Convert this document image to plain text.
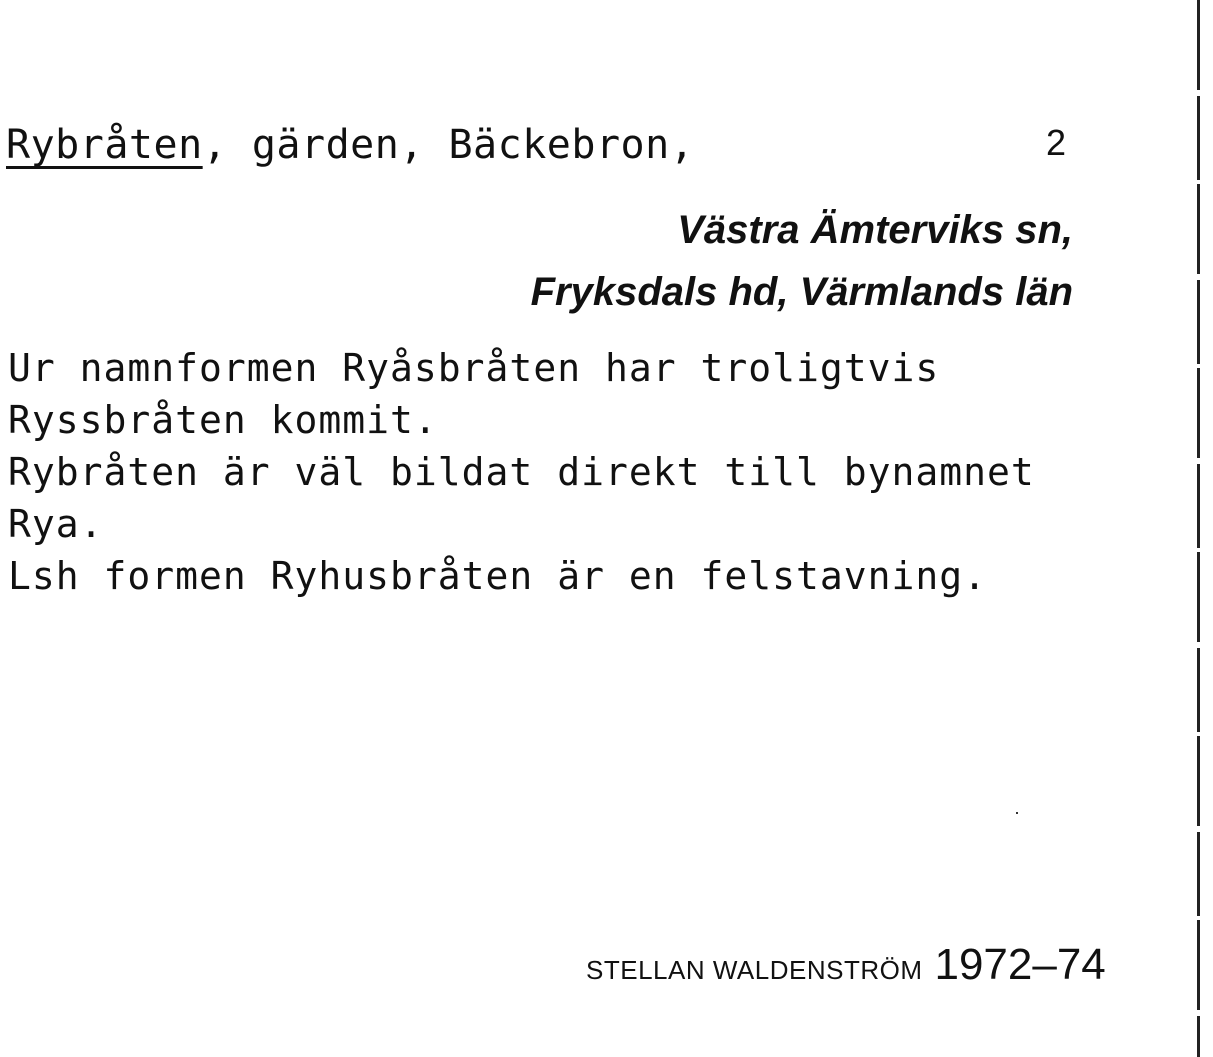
Rybråten, gärden, Bäckebron,	2
Västra Ämterviks sn,
Fryksdals hd, Värmlands län
Ur namnformen Ryåsbråten har troligtvis
Ryssbråten kommit.
Rybråten är väl bildat direkt till bynamnet
Rya.
Lsh formen Ryhusbråten är en felstavning.
STELLAN WALDENSTRÖM 1972–74
